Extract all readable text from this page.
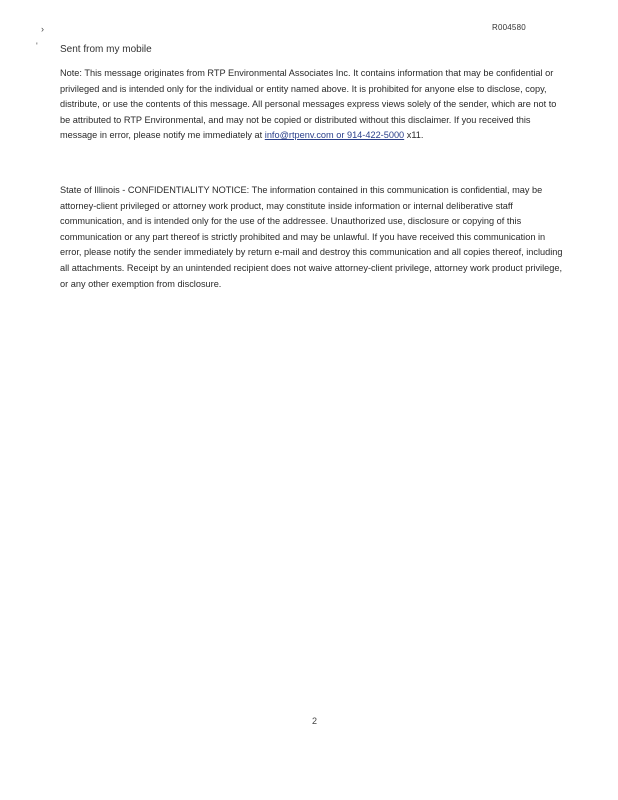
›
'
R004580
Sent from my mobile

Note: This message originates from RTP Environmental Associates Inc. It contains information that may be confidential or privileged and is intended only for the individual or entity named above. It is prohibited for anyone else to disclose, copy, distribute, or use the contents of this message. All personal messages express views solely of the sender, which are not to be attributed to RTP Environmental, and may not be copied or distributed without this disclaimer. If you received this message in error, please notify me immediately at info@rtpenv.com or 914-422-5000 x11.

State of Illinois - CONFIDENTIALITY NOTICE: The information contained in this communication is confidential, may be attorney-client privileged or attorney work product, may constitute inside information or internal deliberative staff communication, and is intended only for the use of the addressee. Unauthorized use, disclosure or copying of this communication or any part thereof is strictly prohibited and may be unlawful. If you have received this communication in error, please notify the sender immediately by return e-mail and destroy this communication and all copies thereof, including all attachments. Receipt by an unintended recipient does not waive attorney-client privilege, attorney work product privilege, or any other exemption from disclosure.

2
